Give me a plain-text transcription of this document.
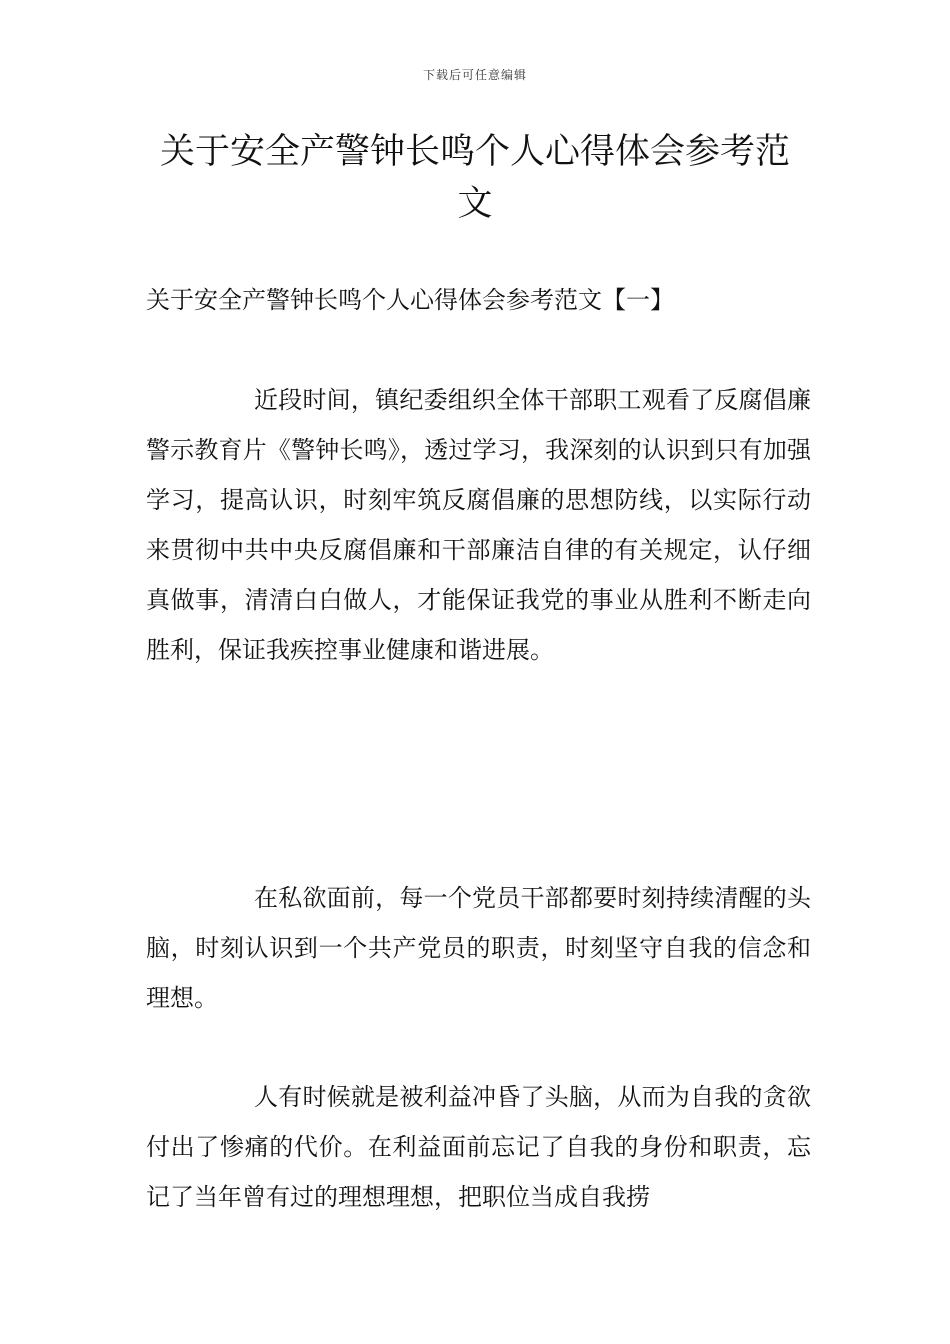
下载后可任意编辑
关于安全产警钟长鸣个人心得体会参考范文
关于安全产警钟长鸣个人心得体会参考范文【一】

近段时间，镇纪委组织全体干部职工观看了反腐倡廉警示教育片《警钟长鸣》，透过学习，我深刻的认识到只有加强学习，提高认识，时刻牢筑反腐倡廉的思想防线，以实际行动来贯彻中共中央反腐倡廉和干部廉洁自律的有关规定，认仔细真做事，清清白白做人，才能保证我党的事业从胜利不断走向胜利，保证我疾控事业健康和谐进展。

在私欲面前，每一个党员干部都要时刻持续清醒的头脑，时刻认识到一个共产党员的职责，时刻坚守自我的信念和理想。

人有时候就是被利益冲昏了头脑，从而为自我的贪欲付出了惨痛的代价。在利益面前忘记了自我的身份和职责，忘记了当年曾有过的理想理想，把职位当成自我捞
